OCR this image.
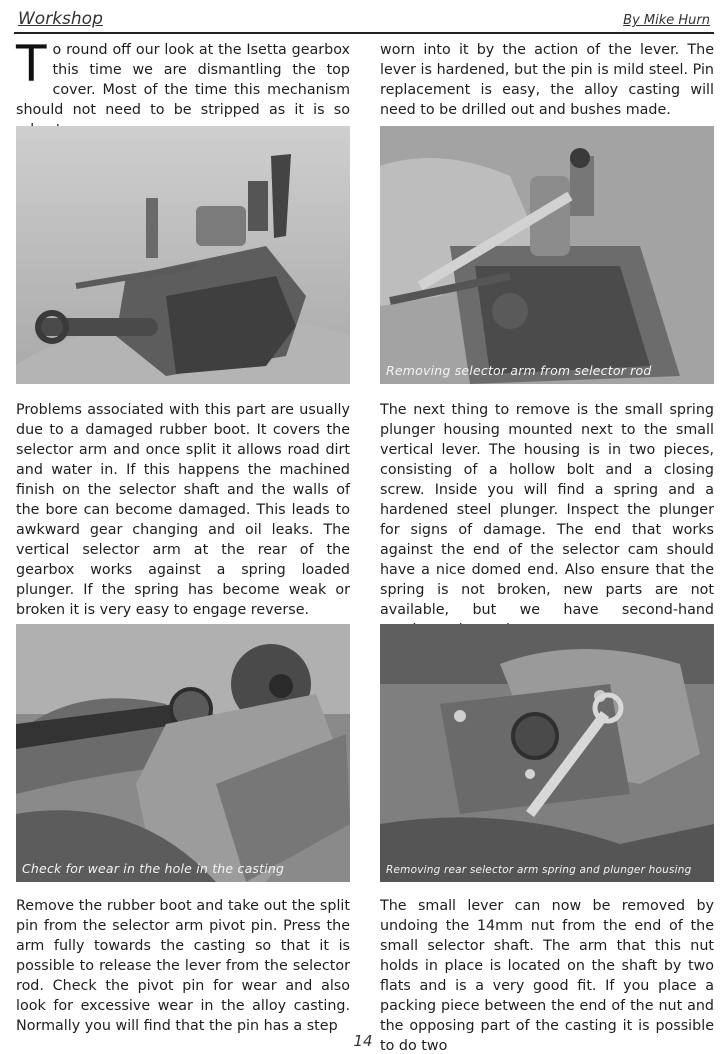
Workshop	By Mike Hurn
To round off our look at the Isetta gearbox this time we are dismantling the top cover. Most of the time this mechanism should not need to be stripped as it is so
Problems associated with this part are usually due to a damaged rubber boot. It covers the selector arm and once split it allows road dirt and water in. If this happens the machined finish on the selector shaft and the walls of the bore can become damaged. This leads to awkward gear changing and oil leaks. The vertical selector arm at the rear of the gearbox works against a spring loaded plunger. If the spring has become weak or broken it is very easy to engage reverse.
Check for wear in the hole in the casting
Remove the rubber boot and take out the split pin from the selector arm pivot pin. Press the arm fully towards the casting so that it is possible to release the lever from the selector rod. Check the pivot pin for wear and also look for excessive wear in the alloy casting. Normally you will find that the pin has a step
worn into it by the action of the lever. The lever is hardened, but the pin is mild steel. Pin replacement is easy, the alloy casting will need to be drilled out and bushes made.
Removing selector arm from selector rod
The next thing to remove is the small spring plunger housing mounted next to the small vertical lever. The housing is in two pieces, consisting of a hollow bolt and a closing screw. Inside you will find a spring and a hardened steel plunger. Inspect the plunger for signs of damage. The end that works against the end of the selector cam should have a nice domed end. Also ensure that the spring is not broken, new parts are not available, but we have second-hand
Removing rear selector arm spring and plunger housing
The small lever can now be removed by undoing the 14mm nut from the end of the small selector shaft. The arm that this nut holds in place is located on the shaft by two flats and is a very good fit. If you place a packing piece between the end of the nut and the opposing part of the casting it is possible to do two
14
